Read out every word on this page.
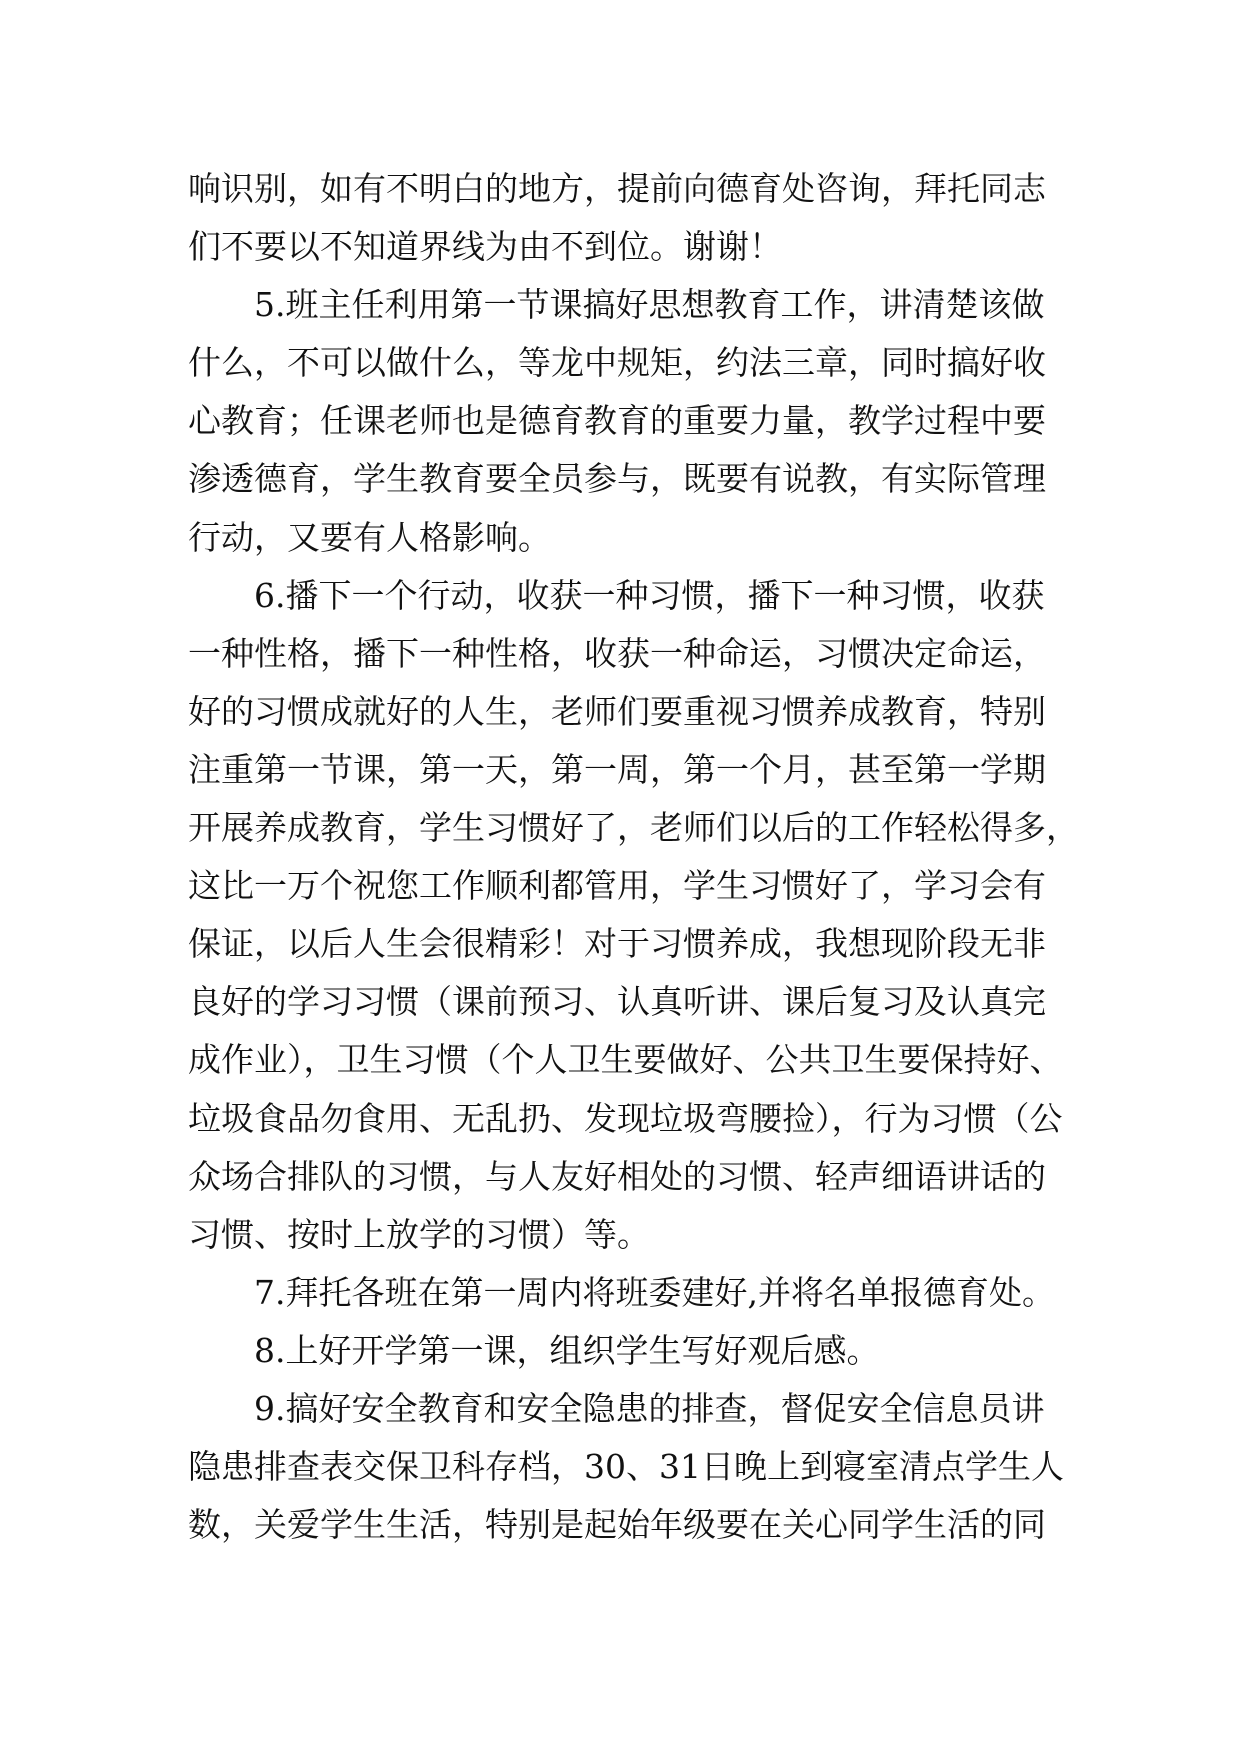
响识别，如有不明白的地方，提前向德育处咨询，拜托同志
们不要以不知道界线为由不到位。谢谢！
5.班主任利用第一节课搞好思想教育工作，讲清楚该做
什么，不可以做什么，等龙中规矩，约法三章，同时搞好收
心教育；任课老师也是德育教育的重要力量，教学过程中要
渗透德育，学生教育要全员参与，既要有说教，有实际管理
行动，又要有人格影响。
6.播下一个行动，收获一种习惯，播下一种习惯，收获
一种性格，播下一种性格，收获一种命运，习惯决定命运，
好的习惯成就好的人生，老师们要重视习惯养成教育，特别
注重第一节课，第一天，第一周，第一个月，甚至第一学期
开展养成教育，学生习惯好了，老师们以后的工作轻松得多，
这比一万个祝您工作顺利都管用，学生习惯好了，学习会有
保证，以后人生会很精彩！对于习惯养成，我想现阶段无非
良好的学习习惯（课前预习、认真听讲、课后复习及认真完
成作业），卫生习惯（个人卫生要做好、公共卫生要保持好、
垃圾食品勿食用、无乱扔、发现垃圾弯腰捡），行为习惯（公
众场合排队的习惯，与人友好相处的习惯、轻声细语讲话的
习惯、按时上放学的习惯）等。
7.拜托各班在第一周内将班委建好,并将名单报德育处。
8.上好开学第一课，组织学生写好观后感。
9.搞好安全教育和安全隐患的排查，督促安全信息员讲
隐患排查表交保卫科存档，30、31日晚上到寝室清点学生人
数，关爱学生生活，特别是起始年级要在关心同学生活的同
